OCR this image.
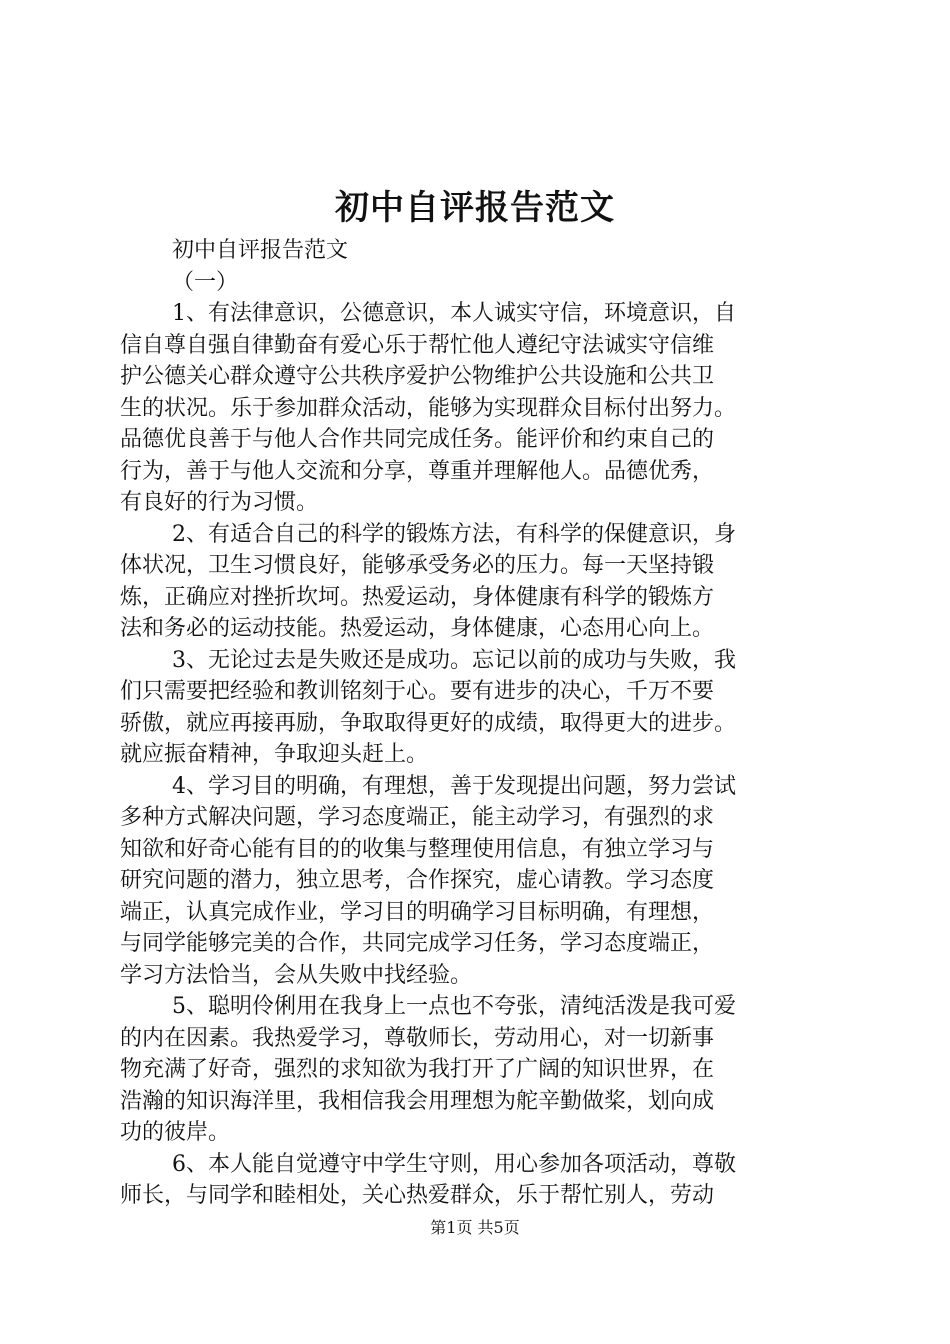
初中自评报告范文

初中自评报告范文

（一）

1、有法律意识，公德意识，本人诚实守信，环境意识，自

信自尊自强自律勤奋有爱心乐于帮忙他人遵纪守法诚实守信维

护公德关心群众遵守公共秩序爱护公物维护公共设施和公共卫

生的状况。乐于参加群众活动，能够为实现群众目标付出努力。

品德优良善于与他人合作共同完成任务。能评价和约束自己的

行为，善于与他人交流和分享，尊重并理解他人。品德优秀，

有良好的行为习惯。

2、有适合自己的科学的锻炼方法，有科学的保健意识，身

体状况，卫生习惯良好，能够承受务必的压力。每一天坚持锻

炼，正确应对挫折坎坷。热爱运动，身体健康有科学的锻炼方

法和务必的运动技能。热爱运动，身体健康，心态用心向上。

3、无论过去是失败还是成功。忘记以前的成功与失败，我

们只需要把经验和教训铭刻于心。要有进步的决心，千万不要

骄傲，就应再接再励，争取取得更好的成绩，取得更大的进步。

就应振奋精神，争取迎头赶上。

4、学习目的明确，有理想，善于发现提出问题，努力尝试

多种方式解决问题，学习态度端正，能主动学习，有强烈的求

知欲和好奇心能有目的的收集与整理使用信息，有独立学习与

研究问题的潜力，独立思考，合作探究，虚心请教。学习态度

端正，认真完成作业，学习目的明确学习目标明确，有理想，

与同学能够完美的合作，共同完成学习任务，学习态度端正，

学习方法恰当，会从失败中找经验。

5、聪明伶俐用在我身上一点也不夸张，清纯活泼是我可爱

的内在因素。我热爱学习，尊敬师长，劳动用心，对一切新事

物充满了好奇，强烈的求知欲为我打开了广阔的知识世界，在

浩瀚的知识海洋里，我相信我会用理想为舵辛勤做桨，划向成

功的彼岸。

6、本人能自觉遵守中学生守则，用心参加各项活动，尊敬

师长，与同学和睦相处，关心热爱群众，乐于帮忙别人，劳动

第1页 共5页
